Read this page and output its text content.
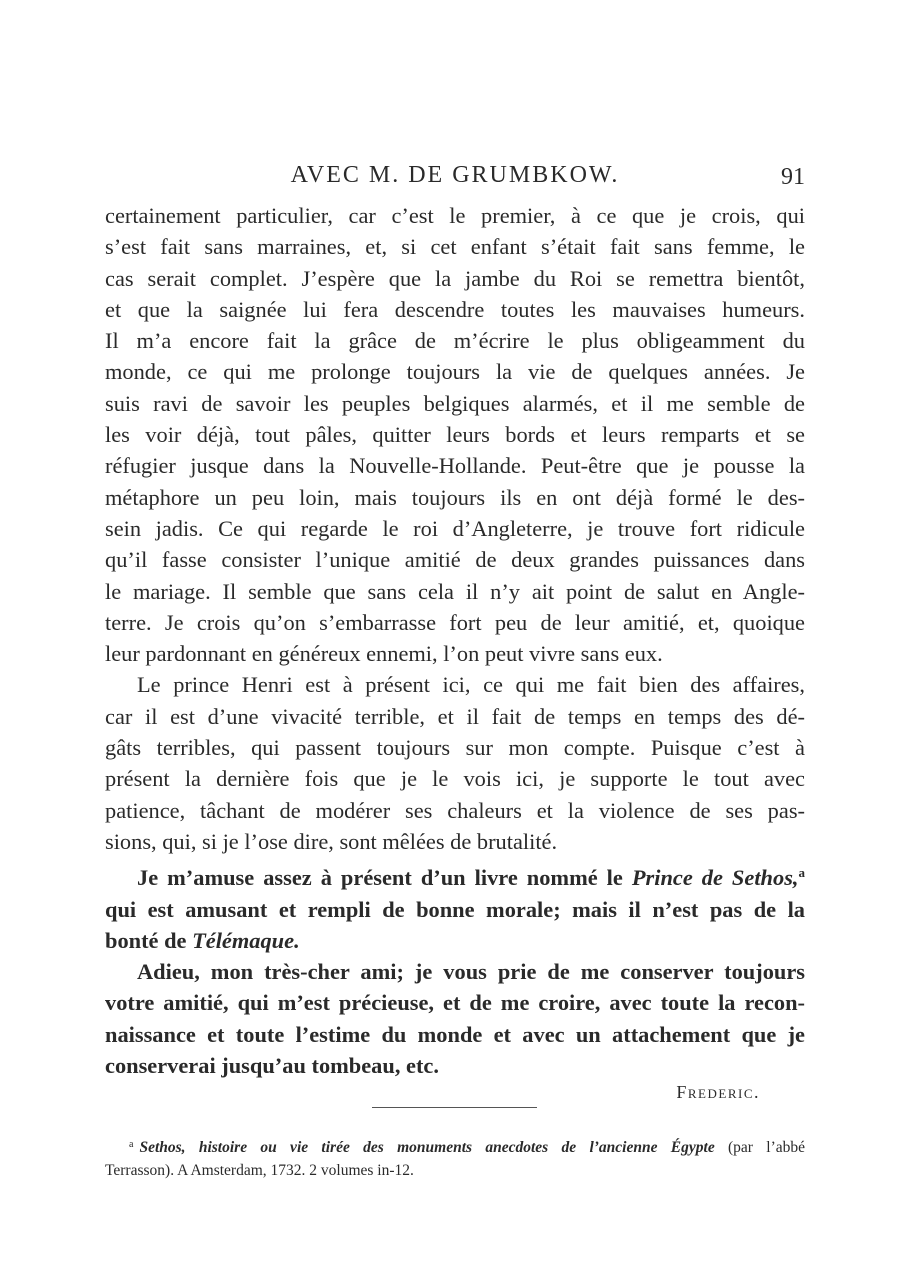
AVEC M. DE GRUMBKOW.	91
certainement particulier, car c’est le premier, à ce que je crois, qui
s’est fait sans marraines, et, si cet enfant s’était fait sans femme, le
cas serait complet. J’espère que la jambe du Roi se remettra bientôt,
et que la saignée lui fera descendre toutes les mauvaises humeurs.
Il m’a encore fait la grâce de m’écrire le plus obligeamment du
monde, ce qui me prolonge toujours la vie de quelques années. Je
suis ravi de savoir les peuples belgiques alarmés, et il me semble de
les voir déjà, tout pâles, quitter leurs bords et leurs remparts et se
réfugier jusque dans la Nouvelle-Hollande. Peut-être que je pousse la
métaphore un peu loin, mais toujours ils en ont déjà formé le des-
sein jadis. Ce qui regarde le roi d’Angleterre, je trouve fort ridicule
qu’il fasse consister l’unique amitié de deux grandes puissances dans
le mariage. Il semble que sans cela il n’y ait point de salut en Angle-
terre. Je crois qu’on s’embarrasse fort peu de leur amitié, et, quoique
leur pardonnant en généreux ennemi, l’on peut vivre sans eux.
Le prince Henri est à présent ici, ce qui me fait bien des affaires,
car il est d’une vivacité terrible, et il fait de temps en temps des dé-
gâts terribles, qui passent toujours sur mon compte. Puisque c’est à
présent la dernière fois que je le vois ici, je supporte le tout avec
patience, tâchant de modérer ses chaleurs et la violence de ses pas-
sions, qui, si je l’ose dire, sont mêlées de brutalité.
Je m’amuse assez à présent d’un livre nommé le Prince de Sethos,$^a$
qui est amusant et rempli de bonne morale; mais il n’est pas de la
bonté de Télémaque.
Adieu, mon très-cher ami; je vous prie de me conserver toujours
votre amitié, qui m’est précieuse, et de me croire, avec toute la recon-
naissance et toute l’estime du monde et avec un attachement que je
conserverai jusqu’au tombeau, etc.
Frederic.
$^a$ Sethos, histoire ou vie tirée des monuments anecdotes de l’ancienne Égypte (par l’abbé
Terrasson). A Amsterdam, 1732. 2 volumes in-12.
